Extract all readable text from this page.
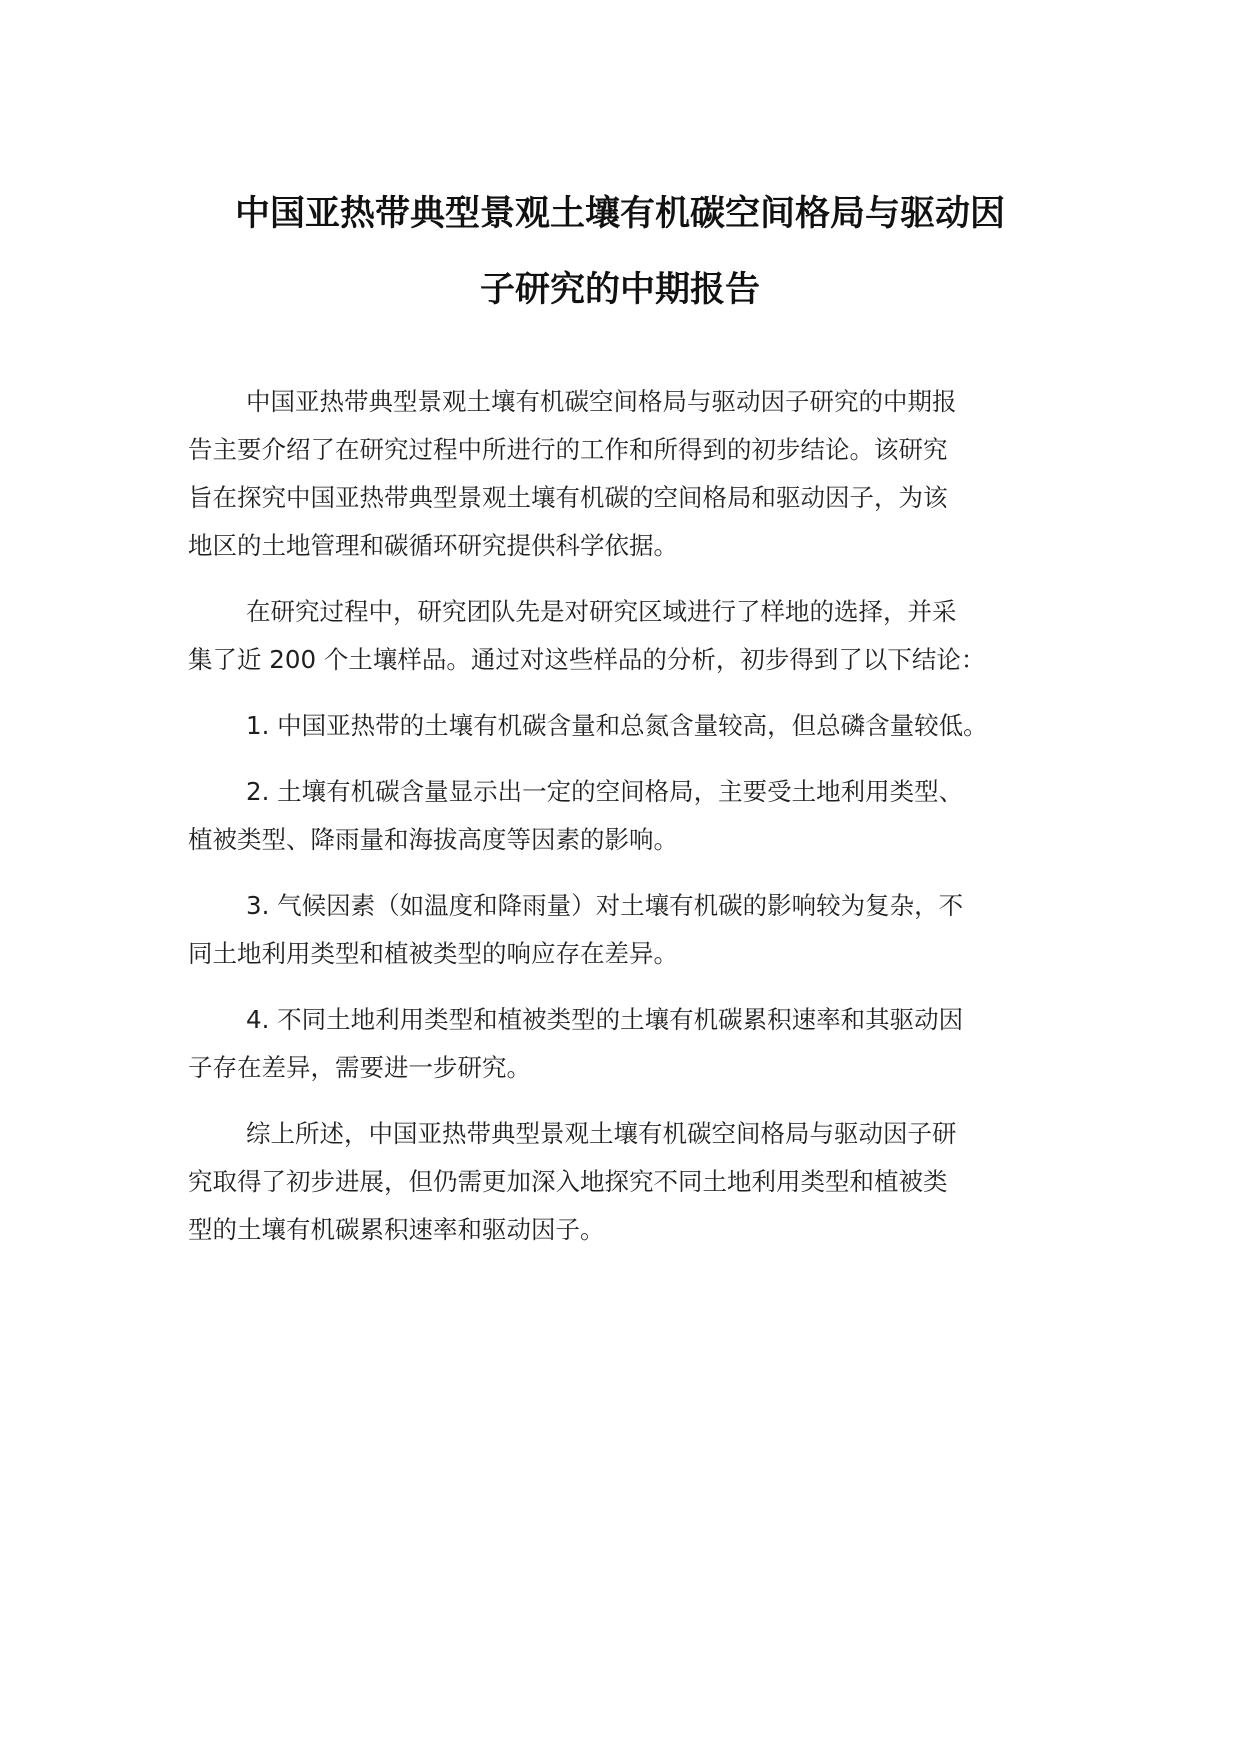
中国亚热带典型景观土壤有机碳空间格局与驱动因
子研究的中期报告

中国亚热带典型景观土壤有机碳空间格局与驱动因子研究的中期报
告主要介绍了在研究过程中所进行的工作和所得到的初步结论。该研究
旨在探究中国亚热带典型景观土壤有机碳的空间格局和驱动因子，为该
地区的土地管理和碳循环研究提供科学依据。

在研究过程中，研究团队先是对研究区域进行了样地的选择，并采
集了近 200 个土壤样品。通过对这些样品的分析，初步得到了以下结论：

1. 中国亚热带的土壤有机碳含量和总氮含量较高，但总磷含量较低。

2. 土壤有机碳含量显示出一定的空间格局，主要受土地利用类型、
植被类型、降雨量和海拔高度等因素的影响。

3. 气候因素（如温度和降雨量）对土壤有机碳的影响较为复杂，不
同土地利用类型和植被类型的响应存在差异。

4. 不同土地利用类型和植被类型的土壤有机碳累积速率和其驱动因
子存在差异，需要进一步研究。

综上所述，中国亚热带典型景观土壤有机碳空间格局与驱动因子研
究取得了初步进展，但仍需更加深入地探究不同土地利用类型和植被类
型的土壤有机碳累积速率和驱动因子。
